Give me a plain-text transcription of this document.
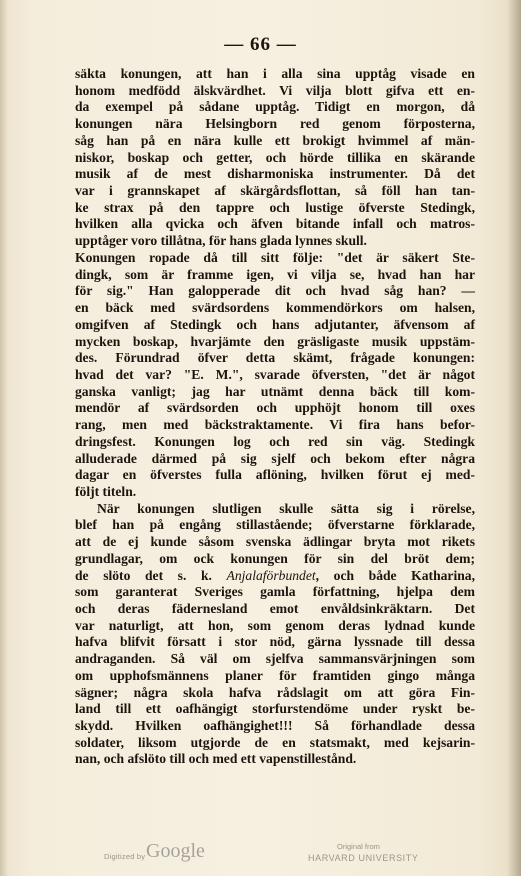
— 66 —
säkta konungen, att han i alla sina upptåg visade en
honom medfödd älskvärdhet. Vi vilja blott gifva ett en-
da exempel på sådane upptåg. Tidigt en morgon, då
konungen nära Helsingborn red genom förposterna,
såg han på en nära kulle ett brokigt hvimmel af män-
niskor, boskap och getter, och hörde tillika en skärande
musik af de mest disharmoniska instrumenter. Då det
var i grannskapet af skärgårdsflottan, så föll han tan-
ke strax på den tappre och lustige öfverste Stedingk,
hvilken alla qvicka och äfven bitande infall och matros-
upptåger voro tillåtna, för hans glada lynnes skull.
Konungen ropade då till sitt följe: "det är säkert Ste-
dingk, som är framme igen, vi vilja se, hvad han har
för sig." Han galopperade dit och hvad såg han? —
en bäck med svärdsordens kommendörkors om halsen,
omgifven af Stedingk och hans adjutanter, äfvensom af
mycken boskap, hvarjämte den gräsligaste musik uppstäm-
des. Förundrad öfver detta skämt, frågade konungen:
hvad det var? "E. M.", svarade öfversten, "det är något
ganska vanligt; jag har utnämt denna bäck till kom-
mendör af svärdsorden och upphöjt honom till oxes
rang, men med bäckstraktamente. Vi fira hans befor-
dringsfest. Konungen log och red sin väg. Stedingk
alluderade därmed på sig sjelf och bekom efter några
dagar en öfverstes fulla aflöning, hvilken förut ej med-
följt titeln.
När konungen slutligen skulle sätta sig i rörelse,
blef han på engång stillastående; öfverstarne förklarade,
att de ej kunde såsom svenska ädlingar bryta mot rikets
grundlagar, om ock konungen för sin del bröt dem;
de slöto det s. k. Anjalaförbundet, och både Katharina,
som garanterat Sveriges gamla författning, hjelpa dem
och deras fädernesland emot envåldsinkräktarn. Det
var naturligt, att hon, som genom deras lydnad kunde
hafva blifvit försatt i stor nöd, gärna lyssnade till dessa
andraganden. Så väl om sjelfva sammansvärjningen som
om upphofsmännens planer för framtiden gingo många
sägner; några skola hafva rådslagit om att göra Fin-
land till ett oafhängigt storfurstendöme under ryskt be-
skydd. Hvilken oafhängighet!!! Så förhandlade dessa
soldater, liksom utgjorde de en statsmakt, med kejsarin-
nan, och afslöto till och med ett vapenstillestånd.
Digitized by Google	Original from
HARVARD UNIVERSITY
